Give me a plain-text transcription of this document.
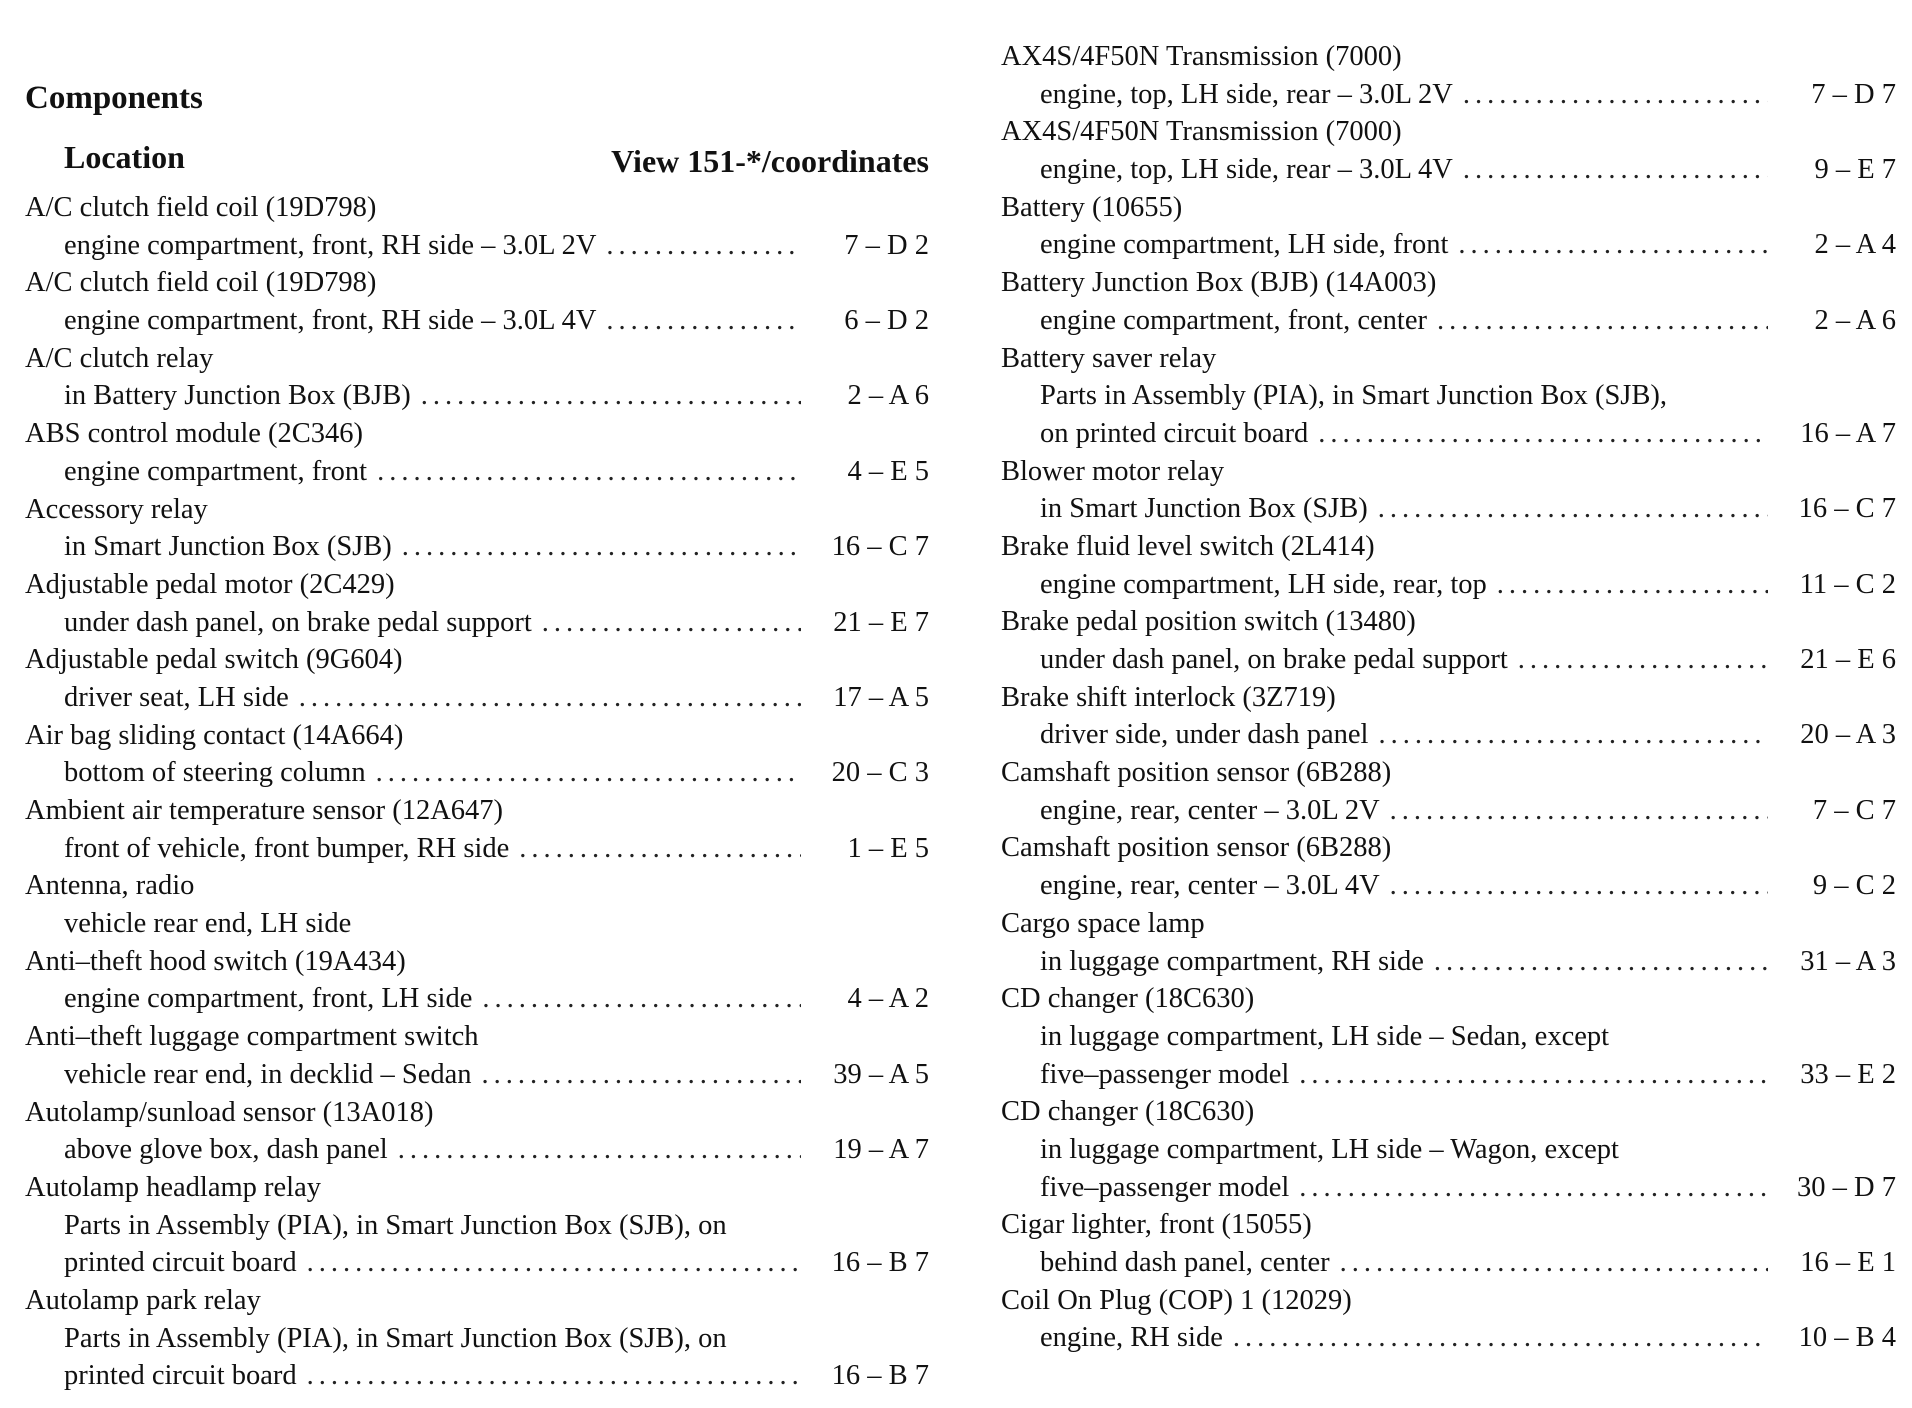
Components
Location	View 151-*/coordinates
A/C clutch field coil (19D798)
engine compartment, front, RH side – 3.0L 2V .....	7 – D 2
A/C clutch field coil (19D798)
engine compartment, front, RH side – 3.0L 4V .....	6 – D 2
A/C clutch relay
in Battery Junction Box (BJB) .....	2 – A 6
ABS control module (2C346)
engine compartment, front .....	4 – E 5
Accessory relay
in Smart Junction Box (SJB) .....	16 – C 7
Adjustable pedal motor (2C429)
under dash panel, on brake pedal support .....	21 – E 7
Adjustable pedal switch (9G604)
driver seat, LH side .....	17 – A 5
Air bag sliding contact (14A664)
bottom of steering column .....	20 – C 3
Ambient air temperature sensor (12A647)
front of vehicle, front bumper, RH side .....	1 – E 5
Antenna, radio
vehicle rear end, LH side
Anti–theft hood switch (19A434)
engine compartment, front, LH side .....	4 – A 2
Anti–theft luggage compartment switch
vehicle rear end, in decklid – Sedan .....	39 – A 5
Autolamp/sunload sensor (13A018)
above glove box, dash panel .....	19 – A 7
Autolamp headlamp relay
Parts in Assembly (PIA), in Smart Junction Box (SJB), on
printed circuit board .....	16 – B 7
Autolamp park relay
Parts in Assembly (PIA), in Smart Junction Box (SJB), on
printed circuit board .....	16 – B 7
AX4S/4F50N Transmission (7000)
engine, top, LH side, rear – 3.0L 2V .....	7 – D 7
AX4S/4F50N Transmission (7000)
engine, top, LH side, rear – 3.0L 4V .....	9 – E 7
Battery (10655)
engine compartment, LH side, front .....	2 – A 4
Battery Junction Box (BJB) (14A003)
engine compartment, front, center .....	2 – A 6
Battery saver relay
Parts in Assembly (PIA), in Smart Junction Box (SJB),
on printed circuit board .....	16 – A 7
Blower motor relay
in Smart Junction Box (SJB) .....	16 – C 7
Brake fluid level switch (2L414)
engine compartment, LH side, rear, top .....	11 – C 2
Brake pedal position switch (13480)
under dash panel, on brake pedal support .....	21 – E 6
Brake shift interlock (3Z719)
driver side, under dash panel .....	20 – A 3
Camshaft position sensor (6B288)
engine, rear, center – 3.0L 2V .....	7 – C 7
Camshaft position sensor (6B288)
engine, rear, center – 3.0L 4V .....	9 – C 2
Cargo space lamp
in luggage compartment, RH side .....	31 – A 3
CD changer (18C630)
in luggage compartment, LH side – Sedan, except
five–passenger model .....	33 – E 2
CD changer (18C630)
in luggage compartment, LH side – Wagon, except
five–passenger model .....	30 – D 7
Cigar lighter, front (15055)
behind dash panel, center .....	16 – E 1
Coil On Plug (COP) 1 (12029)
engine, RH side .....	10 – B 4
